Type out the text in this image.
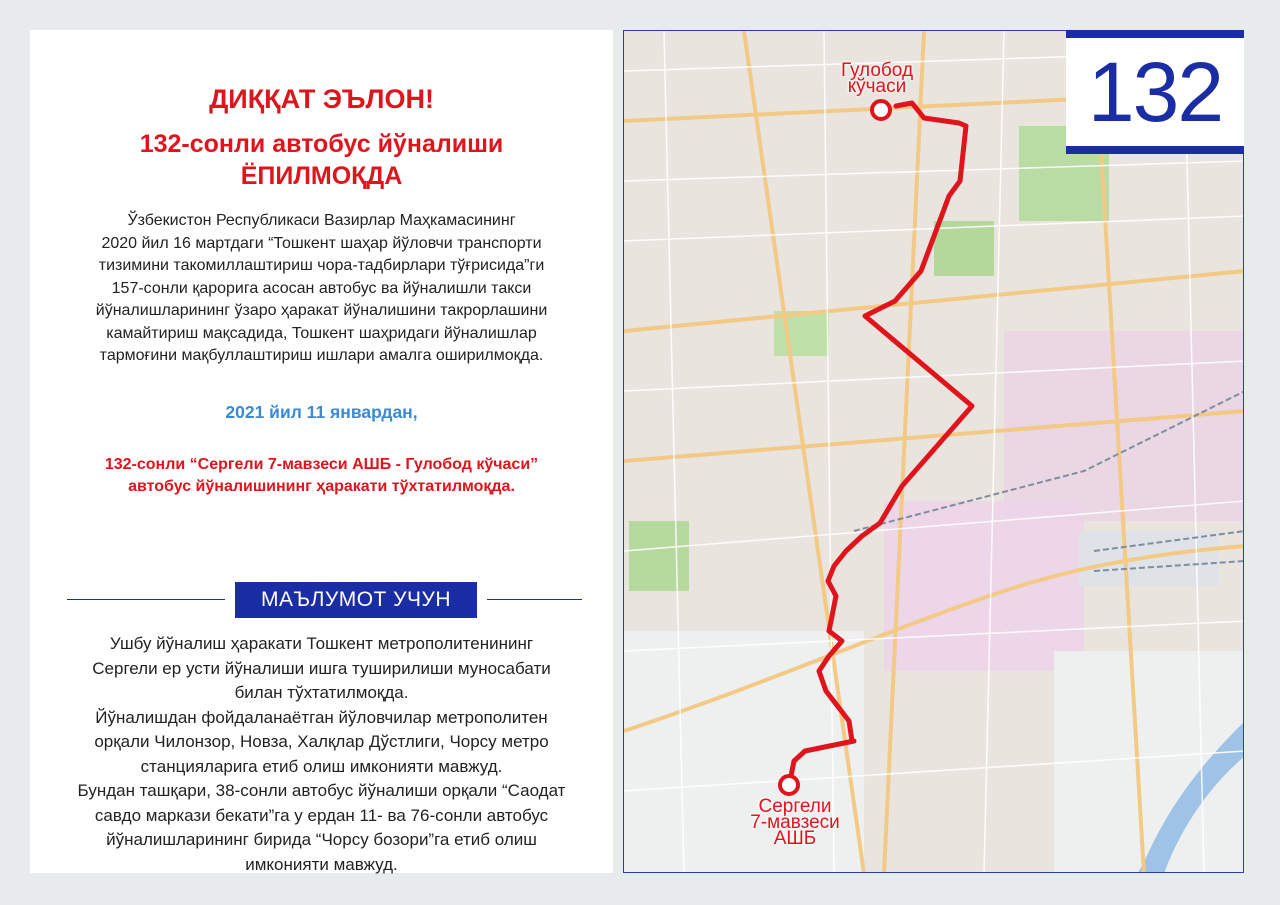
ДИҚҚАТ ЭЪЛОН!
132-сонли автобус йўналиши
ЁПИЛМОҚДА

Ўзбекистон Республикаси Вазирлар Маҳкамасининг
2020 йил 16 мартдаги “Тошкент шаҳар йўловчи транспорти
тизимини такомиллаштириш чора-тадбирлари тўғрисида”ги
157-сонли қарорига асосан автобус ва йўналишли такси
йўналишларининг ўзаро ҳаракат йўналишини такрорлашини
камайтириш мақсадида, Тошкент шаҳридаги йўналишлар
тармоғини мақбуллаштириш ишлари амалга оширилмоқда.

2021 йил 11 январдан,

132-сонли “Сергели 7-мавзеси АШБ - Гулобод кўчаси”
автобус йўналишининг ҳаракати тўхтатилмоқда.

МАЪЛУМОТ УЧУН

Ушбу йўналиш ҳаракати Тошкент метрополитенининг
Сергели ер усти йўналиши ишга туширилиши муносабати
билан тўхтатилмоқда.
Йўналишдан фойдаланаётган йўловчилар метрополитен
орқали Чилонзор, Новза, Халқлар Дўстлиги, Чорсу метро
станцияларига етиб олиш имконияти мавжуд.
Бундан ташқари, 38-сонли автобус йўналиши орқали “Саодат
савдо маркази бекати”га у ердан 11- ва 76-сонли автобус
йўналишларининг бирида “Чорсу бозори”га етиб олиш
имконияти мавжуд.

Гулобод
кўчаси
Сергели
7-мавзеси
АШБ
132
